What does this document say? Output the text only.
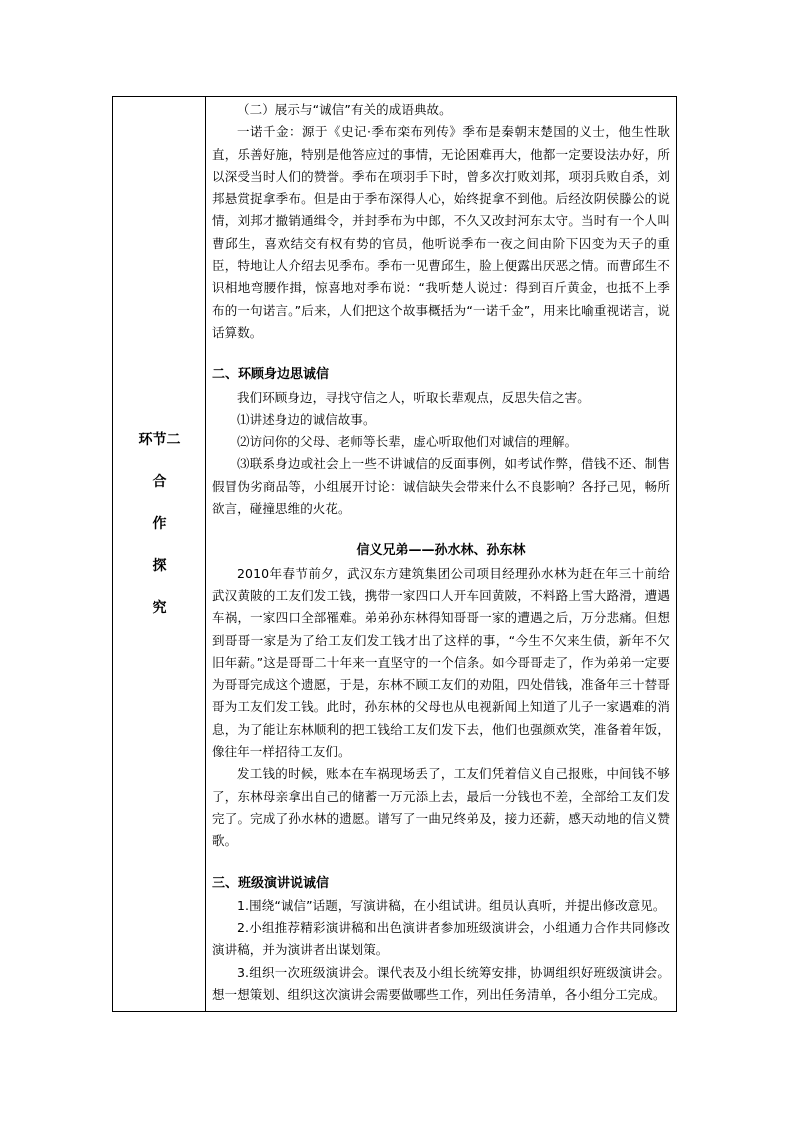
环节二
合
作
探
究

（二）展示与“诚信”有关的成语典故。

一诺千金：源于《史记·季布栾布列传》季布是秦朝末楚国的义士，他生性耿直，乐善好施，特别是他答应过的事情，无论困难再大，他都一定要设法办好，所以深受当时人们的赞誉。季布在项羽手下时，曾多次打败刘邦，项羽兵败自杀，刘邦悬赏捉拿季布。但是由于季布深得人心，始终捉拿不到他。后经汝阴侯滕公的说情，刘邦才撤销通缉令，并封季布为中郎，不久又改封河东太守。当时有一个人叫曹邱生，喜欢结交有权有势的官员，他听说季布一夜之间由阶下囚变为天子的重臣，特地让人介绍去见季布。季布一见曹邱生，脸上便露出厌恶之情。而曹邱生不识相地弯腰作揖，惊喜地对季布说：“我听楚人说过：得到百斤黄金，也抵不上季布的一句诺言。”后来，人们把这个故事概括为“一诺千金”，用来比喻重视诺言，说话算数。

二、环顾身边思诚信

我们环顾身边，寻找守信之人，听取长辈观点，反思失信之害。

⑴讲述身边的诚信故事。

⑵访问你的父母、老师等长辈，虚心听取他们对诚信的理解。

⑶联系身边或社会上一些不讲诚信的反面事例，如考试作弊，借钱不还、制售假冒伪劣商品等，小组展开讨论：诚信缺失会带来什么不良影响？各抒己见，畅所欲言，碰撞思维的火花。

信义兄弟——孙水林、孙东林

2010年春节前夕，武汉东方建筑集团公司项目经理孙水林为赶在年三十前给武汉黄陂的工友们发工钱，携带一家四口人开车回黄陂，不料路上雪大路滑，遭遇车祸，一家四口全部罹难。弟弟孙东林得知哥哥一家的遭遇之后，万分悲痛。但想到哥哥一家是为了给工友们发工钱才出了这样的事，“今生不欠来生债，新年不欠旧年薪。”这是哥哥二十年来一直坚守的一个信条。如今哥哥走了，作为弟弟一定要为哥哥完成这个遗愿，于是，东林不顾工友们的劝阻，四处借钱，准备年三十替哥哥为工友们发工钱。此时，孙东林的父母也从电视新闻上知道了儿子一家遇难的消息，为了能让东林顺利的把工钱给工友们发下去，他们也强颜欢笑，准备着年饭，像往年一样招待工友们。

发工钱的时候，账本在车祸现场丢了，工友们凭着信义自己报账，中间钱不够了，东林母亲拿出自己的储蓄一万元添上去，最后一分钱也不差，全部给工友们发完了。完成了孙水林的遗愿。谱写了一曲兄终弟及，接力还薪，感天动地的信义赞歌。

三、班级演讲说诚信

1.围绕“诚信”话题，写演讲稿，在小组试讲。组员认真听，并提出修改意见。

2.小组推荐精彩演讲稿和出色演讲者参加班级演讲会，小组通力合作共同修改演讲稿，并为演讲者出谋划策。

3.组织一次班级演讲会。课代表及小组长统筹安排，协调组织好班级演讲会。想一想策划、组织这次演讲会需要做哪些工作，列出任务清单，各小组分工完成。
